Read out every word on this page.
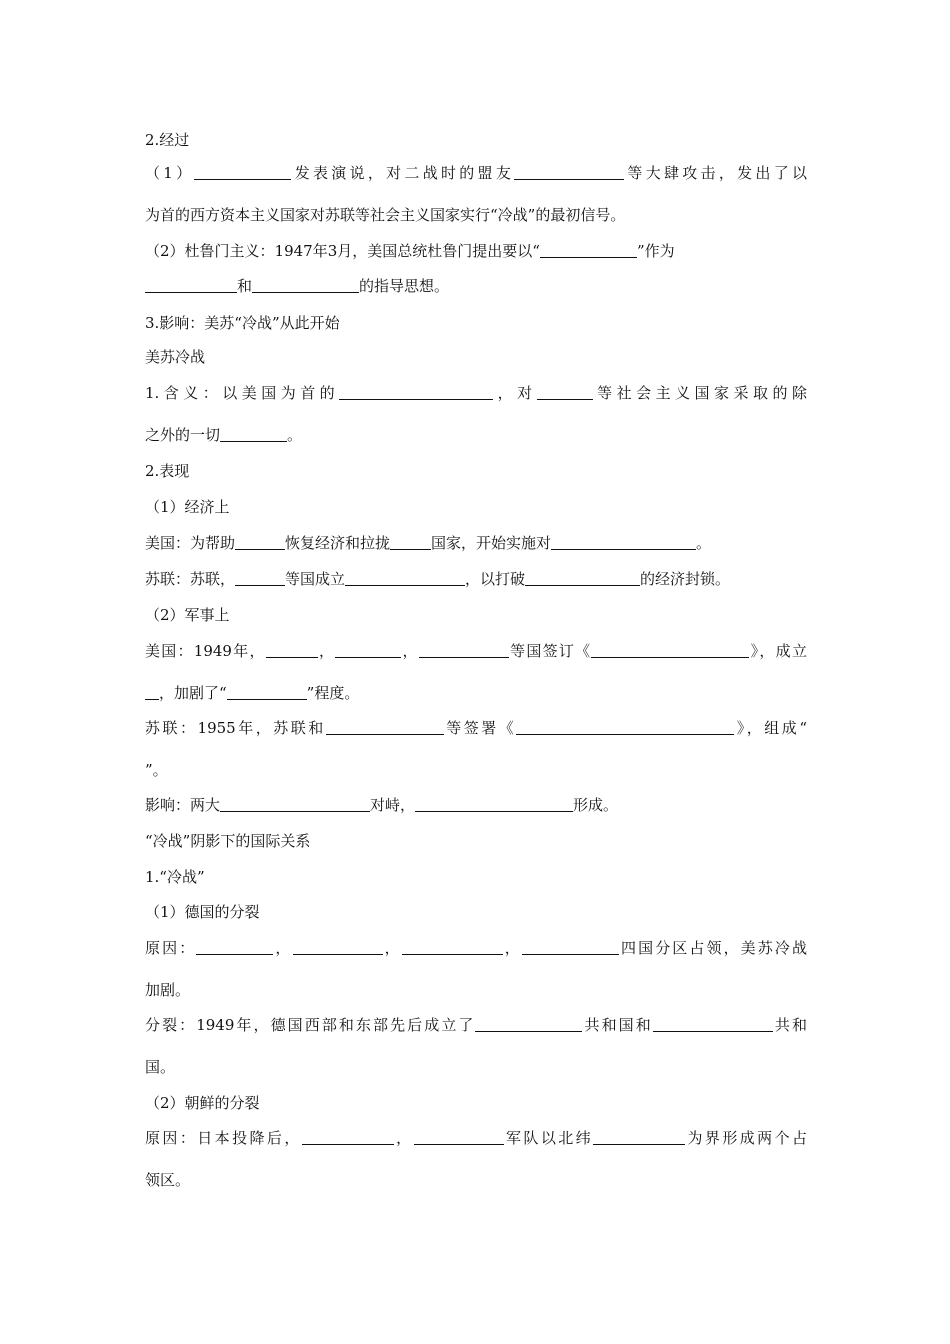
2.经过
（1）	发表演说，对二战时的盟友	等大肆攻击，发出了以
为首的西方资本主义国家对苏联等社会主义国家实行“冷战”的最初信号。
（2）杜鲁门主义：1947年3月，美国总统杜鲁门提出要以“	”作为
和	的指导思想。
3.影响：美苏“冷战”从此开始
美苏冷战
1.含义：以美国为首的	，对	等社会主义国家采取的除
之外的一切	。
2.表现
（1）经济上
美国：为帮助	恢复经济和拉拢	国家，开始实施对	。
苏联：苏联，	等国成立	，以打破	的经济封锁。
（2）军事上
美国：1949年，	，	，	等国签订《	》，成立
，加剧了“	”程度。
苏联：1955年，苏联和	等签署《	》，组成“
”。
影响：两大	对峙，	形成。
“冷战”阴影下的国际关系
1.“冷战”
（1）德国的分裂
原因：	，	，	，	四国分区占领，美苏冷战
加剧。
分裂：1949年，德国西部和东部先后成立了	共和国和	共和
国。
（2）朝鲜的分裂
原因：日本投降后，	，	军队以北纬	为界形成两个占
领区。
